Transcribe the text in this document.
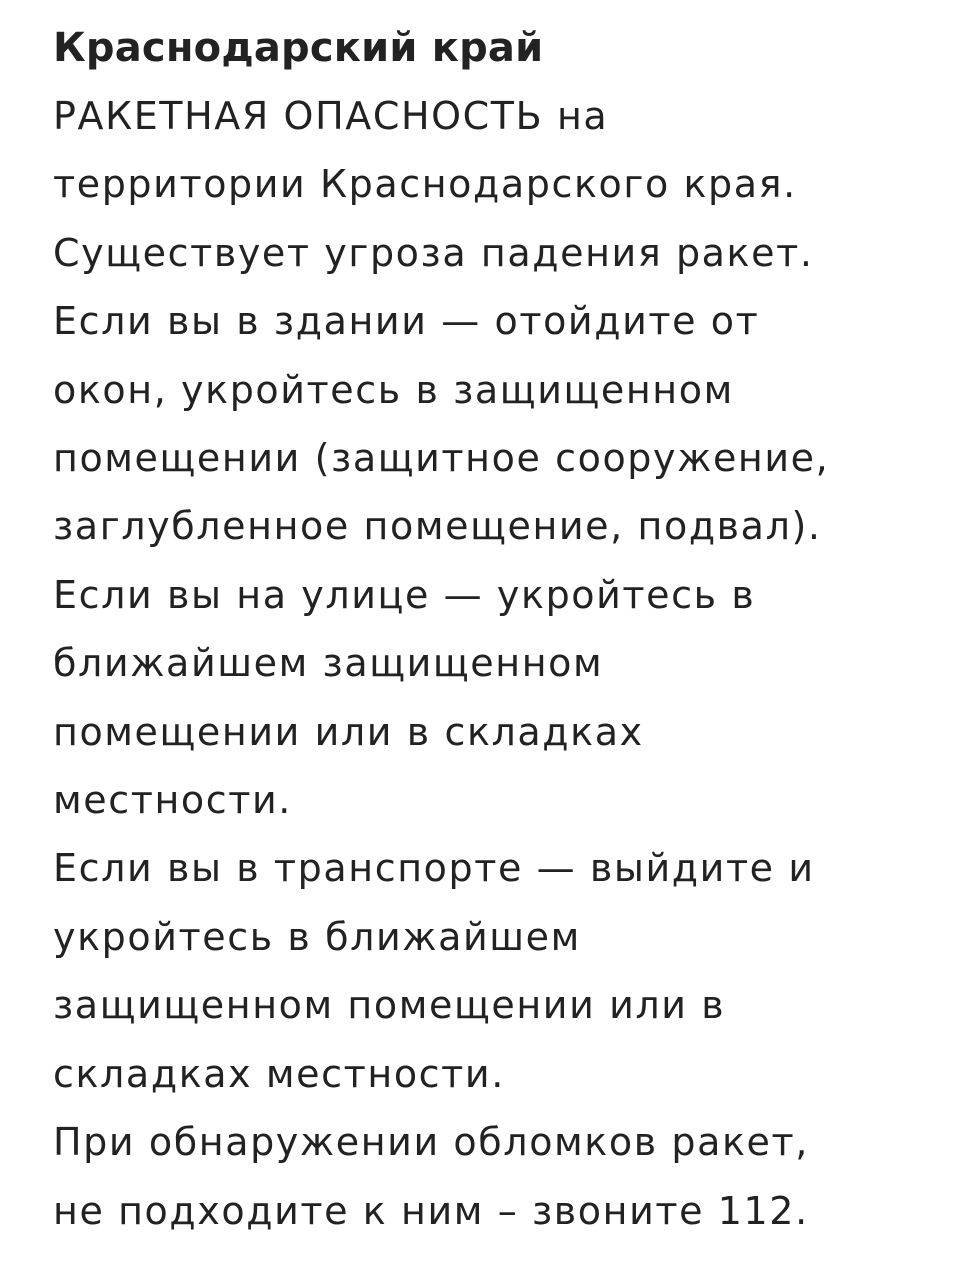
Краснодарский край
РАКЕТНАЯ ОПАСНОСТЬ на
территории Краснодарского края.
Существует угроза падения ракет.
Если вы в здании — отойдите от
окон, укройтесь в защищенном
помещении (защитное сооружение,
заглубленное помещение, подвал).
Если вы на улице — укройтесь в
ближайшем защищенном
помещении или в складках
местности.
Если вы в транспорте — выйдите и
укройтесь в ближайшем
защищенном помещении или в
складках местности.
При обнаружении обломков ракет,
не подходите к ним – звоните 112.
